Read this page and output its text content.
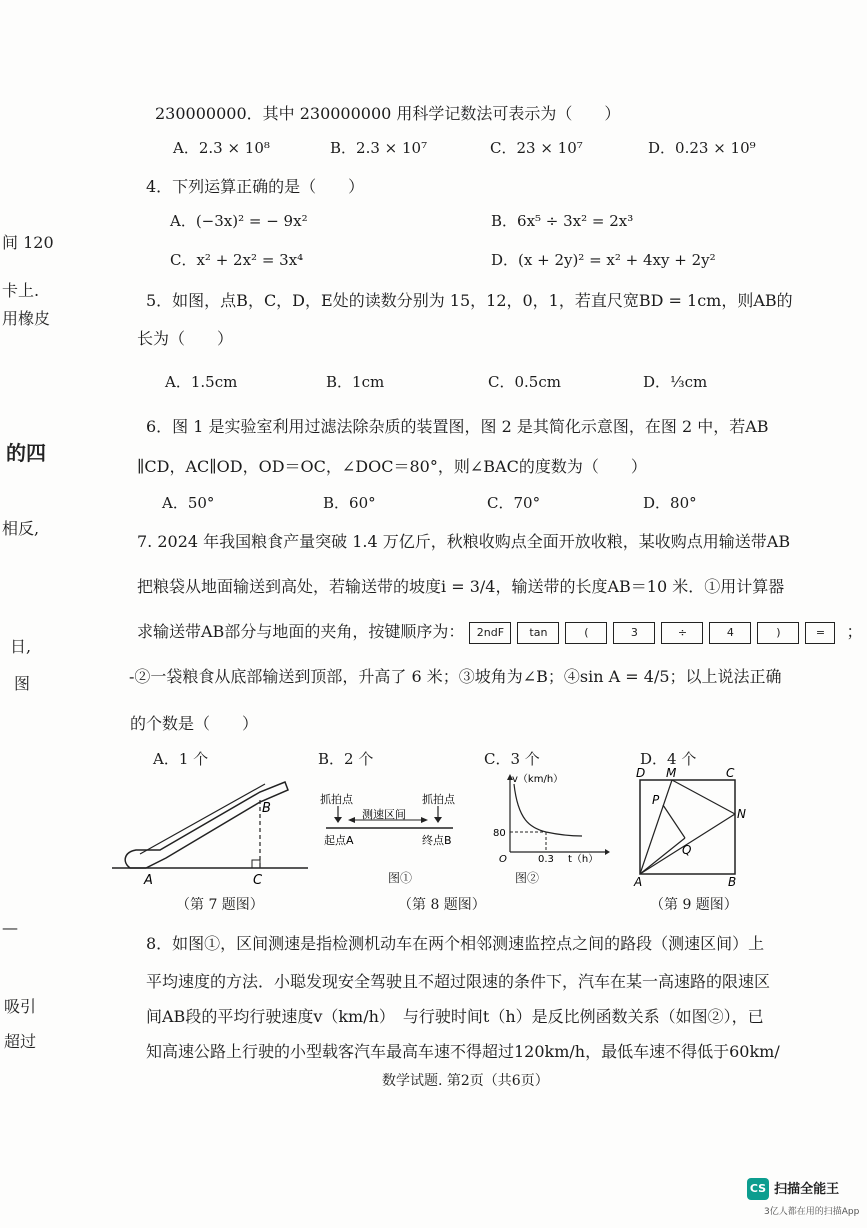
间 120
卡上.
用橡皮
的四
相反,
日,
图
—
吸引
超过
230000000．其中 230000000 用科学记数法可表示为（　　）
A．2.3 × 10⁸	B．2.3 × 10⁷	C．23 × 10⁷	D．0.23 × 10⁹
4．下列运算正确的是（　　）
A．(−3x)² = − 9x²	B．6x⁵ ÷ 3x² = 2x³
C．x² + 2x² = 3x⁴	D．(x + 2y)² = x² + 4xy + 2y²
5．如图，点B，C，D，E处的读数分别为 15，12，0，1，若直尺宽BD = 1cm，则AB的
长为（　　）
A．1.5cm	B．1cm	C．0.5cm	D．⅓cm
6．图 1 是实验室利用过滤法除杂质的装置图，图 2 是其简化示意图，在图 2 中，若AB
∥CD，AC∥OD，OD＝OC，∠DOC＝80°，则∠BAC的度数为（　　）
A．50°	B．60°	C．70°	D．80°
7. 2024 年我国粮食产量突破 1.4 万亿斤，秋粮收购点全面开放收粮，某收购点用输送带AB
把粮袋从地面输送到高处，若输送带的坡度i = 3/4，输送带的长度AB＝10 米．①用计算器
求输送带AB部分与地面的夹角，按键顺序为： 2ndF tan	(	3	÷	4	)	= ；
-②一袋粮食从底部输送到顶部，升高了 6 米；③坡角为∠B；④sin A = 4/5；以上说法正确
的个数是（　　）
A．1 个	B．2 个	C．3 个	D．4 个
A
B
C
（第 7 题图）
抓拍点	抓拍点
测速区间
起点A	终点B
图①
v（km/h）
80
O	0.3 t（h）
图②
（第 8 题图）
D M	C
P
N
Q
A	B
（第 9 题图）
8．如图①，区间测速是指检测机动车在两个相邻测速监控点之间的路段（测速区间）上
平均速度的方法．小聪发现安全驾驶且不超过限速的条件下，汽车在某一高速路的限速区
间AB段的平均行驶速度v（km/h）　与行驶时间t（h）是反比例函数关系（如图②），已
知高速公路上行驶的小型载客汽车最高车速不得超过120km/h，最低车速不得低于60km/
数学试题. 第2页（共6页）
CS 扫描全能王
3亿人都在用的扫描App
